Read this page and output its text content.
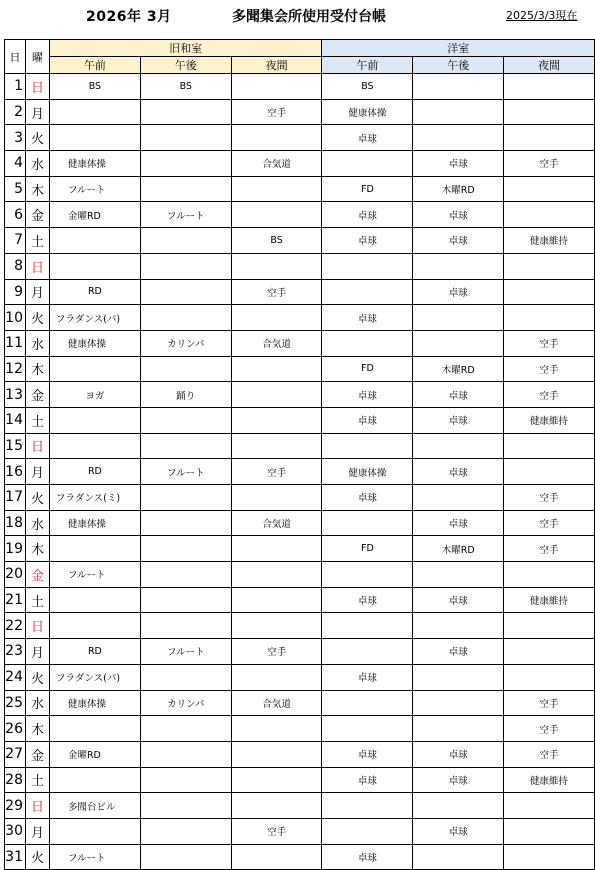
2026年 3月	多聞集会所使用受付台帳	2025/3/3現在
日	曜	旧和室			洋室		
		午前	午後	夜間	午前	午後	夜間
1	日	BS	BS		BS		
2	月			空手	健康体操		
3	火				卓球		
4	水	健康体操		合気道		卓球	空手
5	木	フルート			FD	木曜RD	
6	金	金曜RD	フルート		卓球	卓球	
7	土			BS	卓球	卓球	健康維持
8	日						
9	月	RD		空手		卓球	
10	火	フラダンス(パ)			卓球		
11	水	健康体操	カリンバ	合気道			空手
12	木				FD	木曜RD	空手
13	金	ヨガ	踊り		卓球	卓球	空手
14	土				卓球	卓球	健康維持
15	日						
16	月	RD	フルート	空手	健康体操	卓球	
17	火	フラダンス(ミ)			卓球		空手
18	水	健康体操		合気道		卓球	空手
19	木				FD	木曜RD	空手
20	金	フルート					
21	土				卓球	卓球	健康維持
22	日						
23	月	RD	フルート	空手		卓球	
24	火	フラダンス(パ)			卓球		
25	水	健康体操	カリンバ	合気道			空手
26	木						空手
27	金	金曜RD			卓球	卓球	空手
28	土				卓球	卓球	健康維持
29	日	多聞台ビル					
30	月			空手		卓球	
31	火	フルート			卓球		
